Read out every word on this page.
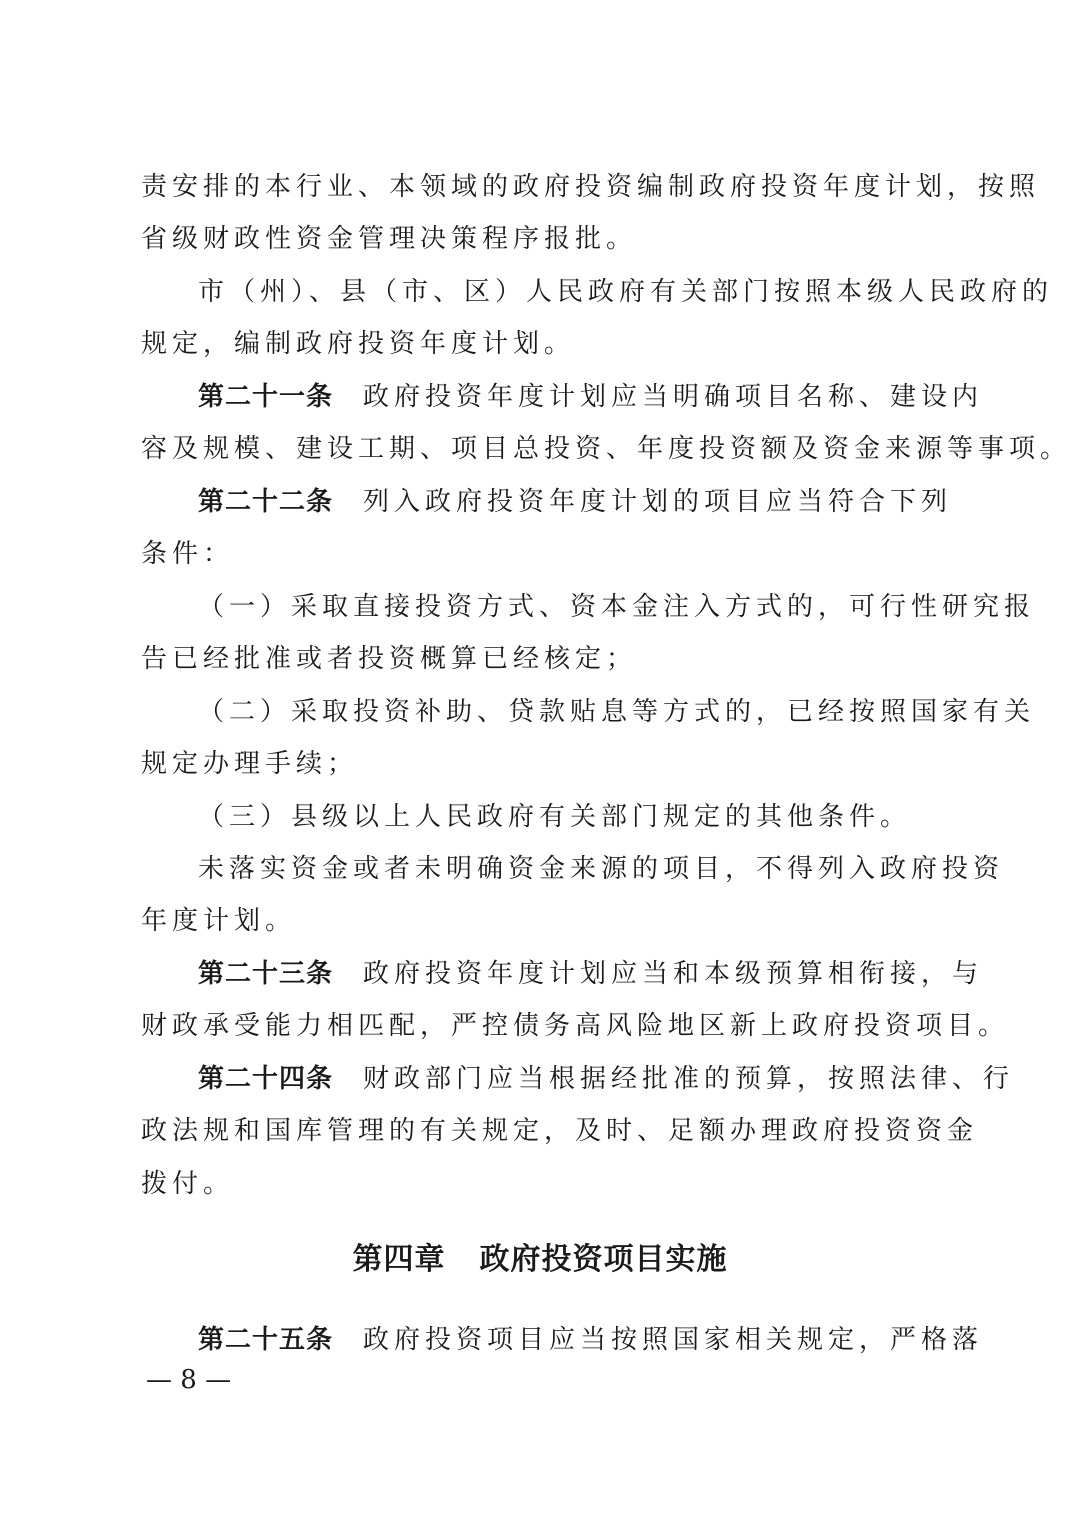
责安排的本行业、本领域的政府投资编制政府投资年度计划，按照
省级财政性资金管理决策程序报批。
市（州）、县（市、区）人民政府有关部门按照本级人民政府的
规定，编制政府投资年度计划。
第二十一条 政府投资年度计划应当明确项目名称、建设内
容及规模、建设工期、项目总投资、年度投资额及资金来源等事项。
第二十二条 列入政府投资年度计划的项目应当符合下列
条件：
（一）采取直接投资方式、资本金注入方式的，可行性研究报
告已经批准或者投资概算已经核定；
（二）采取投资补助、贷款贴息等方式的，已经按照国家有关
规定办理手续；
（三）县级以上人民政府有关部门规定的其他条件。
未落实资金或者未明确资金来源的项目，不得列入政府投资
年度计划。
第二十三条 政府投资年度计划应当和本级预算相衔接，与
财政承受能力相匹配，严控债务高风险地区新上政府投资项目。
第二十四条 财政部门应当根据经批准的预算，按照法律、行
政法规和国库管理的有关规定，及时、足额办理政府投资资金
拨付。
第四章 政府投资项目实施
第二十五条 政府投资项目应当按照国家相关规定，严格落
— 8 —
